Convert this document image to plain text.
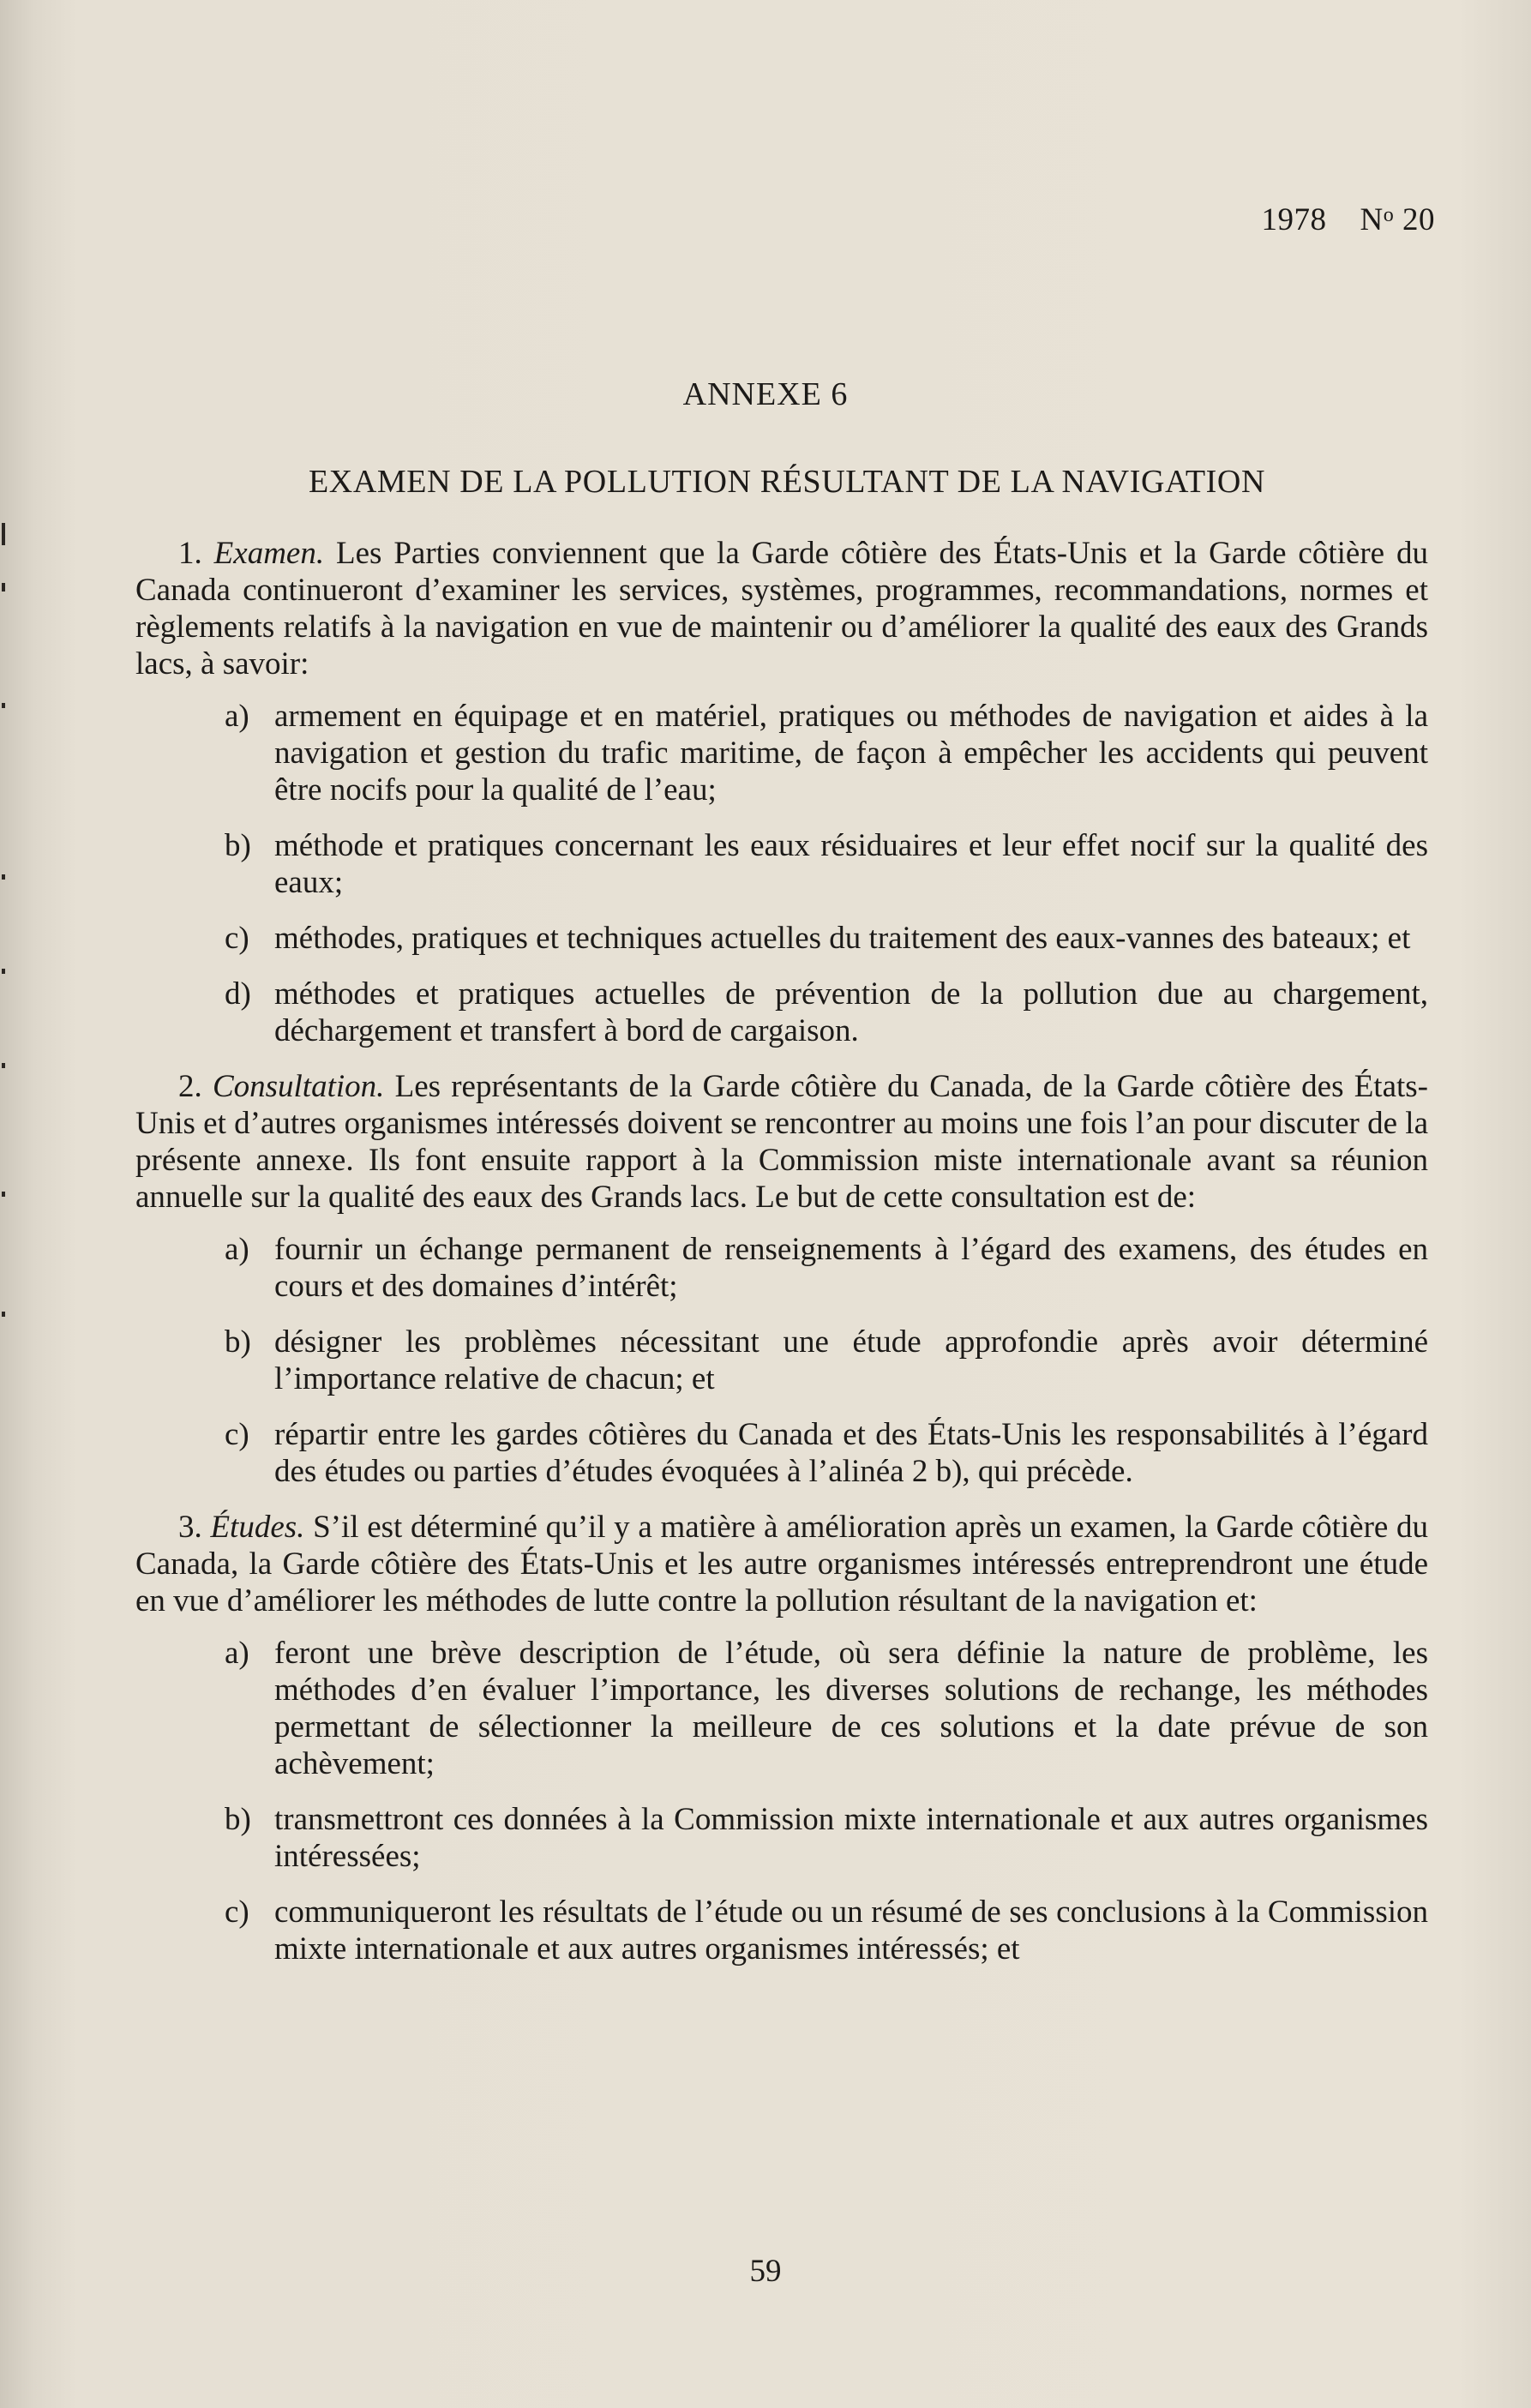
1978 $N^o$ 20
ANNEXE 6
EXAMEN DE LA POLLUTION RÉSULTANT DE LA NAVIGATION

1. Examen. Les Parties conviennent que la Garde côtière des États-Unis et la Garde côtière du Canada continueront d’examiner les services, systèmes, programmes, recommandations, normes et règlements relatifs à la navigation en vue de maintenir ou d’améliorer la qualité des eaux des Grands lacs, à savoir:

a) armement en équipage et en matériel, pratiques ou méthodes de navigation et aides à la navigation et gestion du trafic maritime, de façon à empêcher les accidents qui peuvent être nocifs pour la qualité de l’eau;
b) méthode et pratiques concernant les eaux résiduaires et leur effet nocif sur la qualité des eaux;
c) méthodes, pratiques et techniques actuelles du traitement des eaux-vannes des bateaux; et
d) méthodes et pratiques actuelles de prévention de la pollution due au chargement, déchargement et transfert à bord de cargaison.

2. Consultation. Les représentants de la Garde côtière du Canada, de la Garde côtière des États-Unis et d’autres organismes intéressés doivent se rencontrer au moins une fois l’an pour discuter de la présente annexe. Ils font ensuite rapport à la Commission miste internationale avant sa réunion annuelle sur la qualité des eaux des Grands lacs. Le but de cette consultation est de:

a) fournir un échange permanent de renseignements à l’égard des examens, des études en cours et des domaines d’intérêt;
b) désigner les problèmes nécessitant une étude approfondie après avoir déterminé l’importance relative de chacun; et
c) répartir entre les gardes côtières du Canada et des États-Unis les responsabilités à l’égard des études ou parties d’études évoquées à l’alinéa 2 b), qui précède.

3. Études. S’il est déterminé qu’il y a matière à amélioration après un examen, la Garde côtière du Canada, la Garde côtière des États-Unis et les autre organismes intéressés entreprendront une étude en vue d’améliorer les méthodes de lutte contre la pollution résultant de la navigation et:

a) feront une brève description de l’étude, où sera définie la nature de problème, les méthodes d’en évaluer l’importance, les diverses solutions de rechange, les méthodes permettant de sélectionner la meilleure de ces solutions et la date prévue de son achèvement;
b) transmettront ces données à la Commission mixte internationale et aux autres organismes intéressées;
c) communiqueront les résultats de l’étude ou un résumé de ses conclusions à la Commission mixte internationale et aux autres organismes intéressés; et
59
